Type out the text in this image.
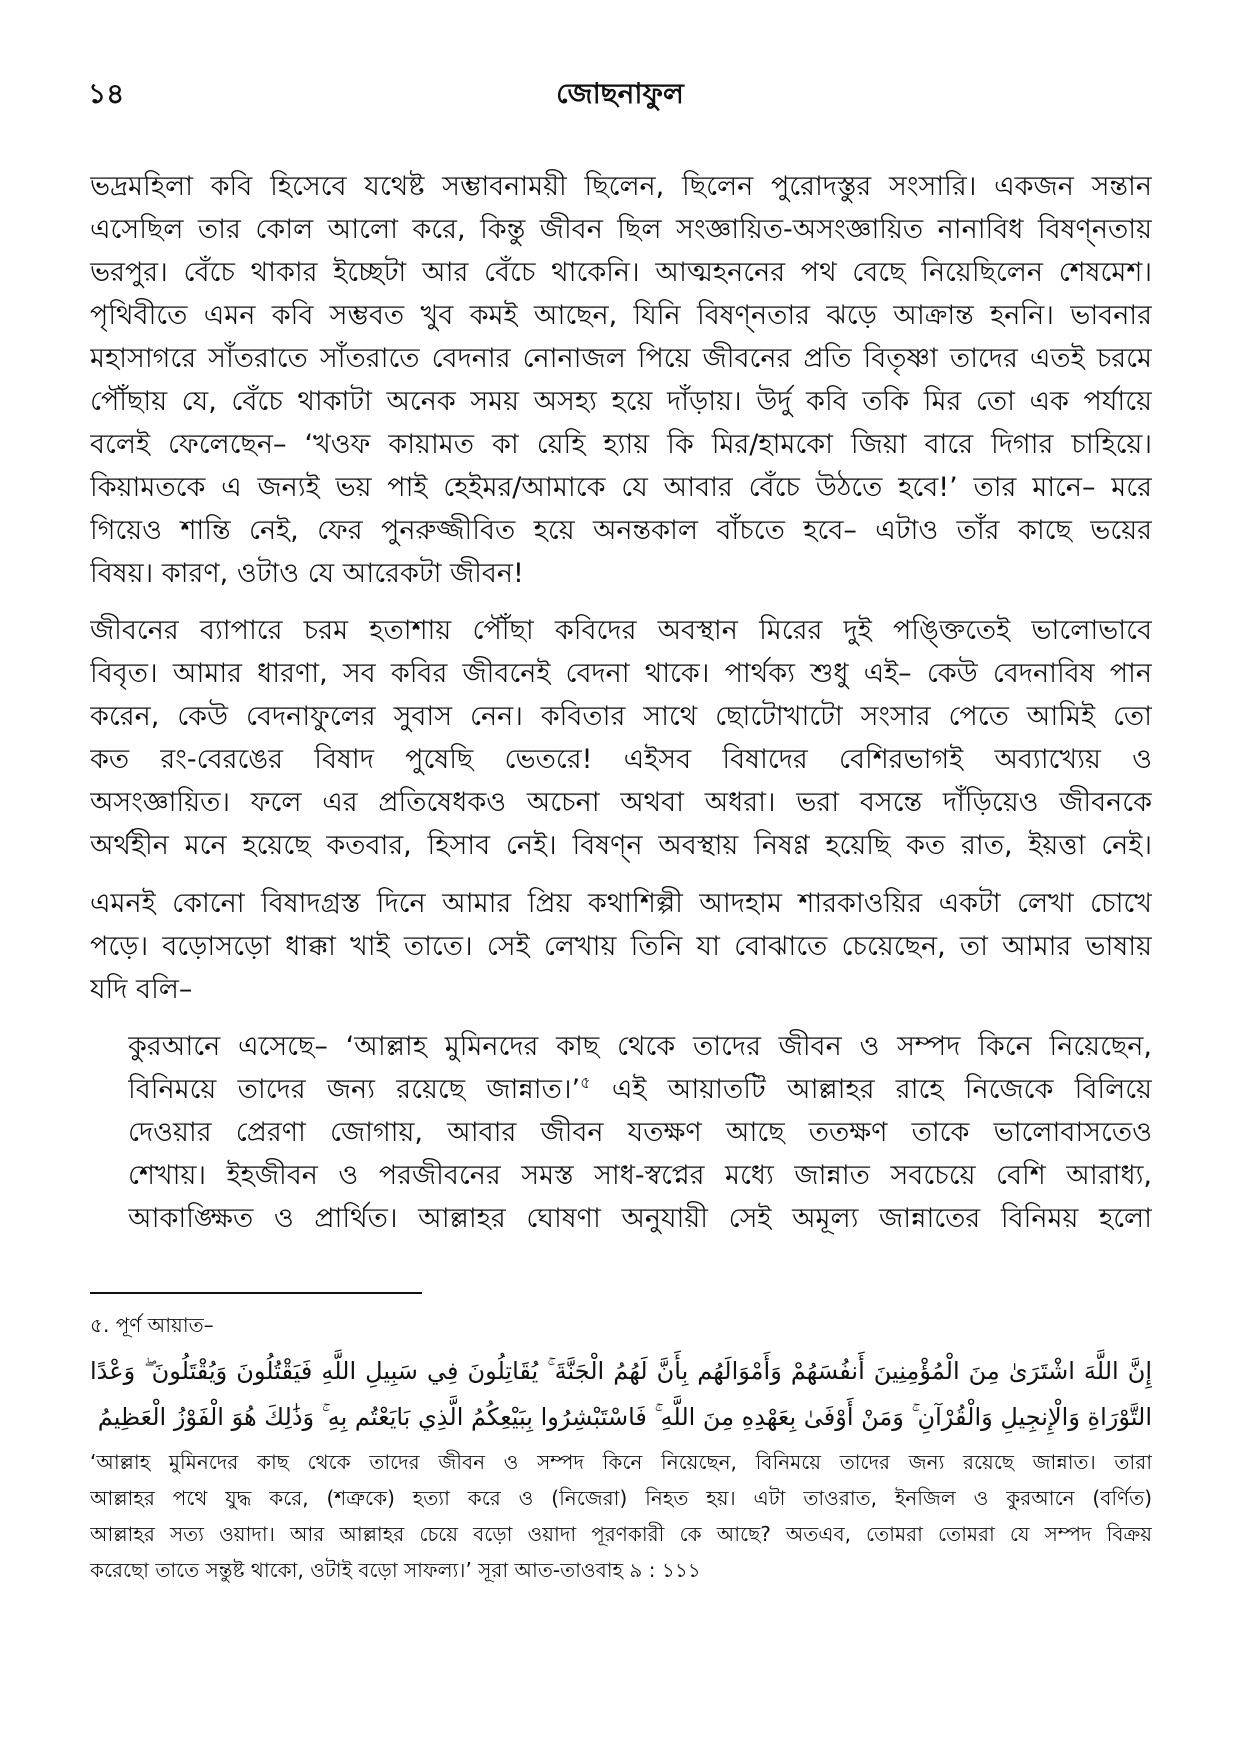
১৪	জোছনাফুল
ভদ্রমহিলা কবি হিসেবে যথেষ্ট সম্ভাবনাময়ী ছিলেন, ছিলেন পুরোদস্তুর সংসারি। একজন সন্তান
এসেছিল তার কোল আলো করে, কিন্তু জীবন ছিল সংজ্ঞায়িত-অসংজ্ঞায়িত নানাবিধ বিষণ্নতায়
ভরপুর। বেঁচে থাকার ইচ্ছেটা আর বেঁচে থাকেনি। আত্মহননের পথ বেছে নিয়েছিলেন শেষমেশ।
পৃথিবীতে এমন কবি সম্ভবত খুব কমই আছেন, যিনি বিষণ্নতার ঝড়ে আক্রান্ত হননি। ভাবনার
মহাসাগরে সাঁতরাতে সাঁতরাতে বেদনার নোনাজল পিয়ে জীবনের প্রতি বিতৃষ্ণা তাদের এতই চরমে
পৌঁছায় যে, বেঁচে থাকাটা অনেক সময় অসহ্য হয়ে দাঁড়ায়। উর্দু কবি তকি মির তো এক পর্যায়ে
বলেই ফেলেছেন– ‘খওফ কায়ামত কা য়েহি হ্যায় কি মির/হামকো জিয়া বারে দিগার চাহিয়ে।
কিয়ামতকে এ জন্যই ভয় পাই হেইমর/আমাকে যে আবার বেঁচে উঠতে হবে!’ তার মানে– মরে
গিয়েও শান্তি নেই, ফের পুনরুজ্জীবিত হয়ে অনন্তকাল বাঁচতে হবে– এটাও তাঁর কাছে ভয়ের
বিষয়। কারণ, ওটাও যে আরেকটা জীবন!
জীবনের ব্যাপারে চরম হতাশায় পৌঁছা কবিদের অবস্থান মিরের দুই পঙ্ক্তিতেই ভালোভাবে
বিবৃত। আমার ধারণা, সব কবির জীবনেই বেদনা থাকে। পার্থক্য শুধু এই– কেউ বেদনাবিষ পান
করেন, কেউ বেদনাফুলের সুবাস নেন। কবিতার সাথে ছোটোখাটো সংসার পেতে আমিই তো
কত রং-বেরঙের বিষাদ পুষেছি ভেতরে! এইসব বিষাদের বেশিরভাগই অব্যাখ্যেয় ও
অসংজ্ঞায়িত। ফলে এর প্রতিষেধকও অচেনা অথবা অধরা। ভরা বসন্তে দাঁড়িয়েও জীবনকে
অর্থহীন মনে হয়েছে কতবার, হিসাব নেই। বিষণ্ন অবস্থায় নিষণ্ণ হয়েছি কত রাত, ইয়ত্তা নেই।
এমনই কোনো বিষাদগ্রস্ত দিনে আমার প্রিয় কথাশিল্পী আদহাম শারকাওয়ির একটা লেখা চোখে
পড়ে। বড়োসড়ো ধাক্কা খাই তাতে। সেই লেখায় তিনি যা বোঝাতে চেয়েছেন, তা আমার ভাষায়
যদি বলি–
কুরআনে এসেছে– ‘আল্লাহ মুমিনদের কাছ থেকে তাদের জীবন ও সম্পদ কিনে নিয়েছেন,
বিনিময়ে তাদের জন্য রয়েছে জান্নাত।’$^৫$ এই আয়াতটি আল্লাহর রাহে নিজেকে বিলিয়ে
দেওয়ার প্রেরণা জোগায়, আবার জীবন যতক্ষণ আছে ততক্ষণ তাকে ভালোবাসতেও
শেখায়। ইহজীবন ও পরজীবনের সমস্ত সাধ-স্বপ্নের মধ্যে জান্নাত সবচেয়ে বেশি আরাধ্য,
আকাঙ্ক্ষিত ও প্রার্থিত। আল্লাহর ঘোষণা অনুযায়ী সেই অমূল্য জান্নাতের বিনিময় হলো
৫. পূর্ণ আয়াত–
إِنَّ اللَّهَ اشْتَرَىٰ مِنَ الْمُؤْمِنِينَ أَنفُسَهُمْ وَأَمْوَالَهُم بِأَنَّ لَهُمُ الْجَنَّةَ ۚ يُقَاتِلُونَ فِي سَبِيلِ اللَّهِ فَيَقْتُلُونَ وَيُقْتَلُونَ ۖ وَعْدًا
التَّوْرَاةِ وَالْإِنجِيلِ وَالْقُرْآنِ ۚ وَمَنْ أَوْفَىٰ بِعَهْدِهِ مِنَ اللَّهِ ۚ فَاسْتَبْشِرُوا بِبَيْعِكُمُ الَّذِي بَايَعْتُم بِهِ ۚ وَذَٰلِكَ هُوَ الْفَوْزُ الْعَظِيمُ
‘আল্লাহ মুমিনদের কাছ থেকে তাদের জীবন ও সম্পদ কিনে নিয়েছেন, বিনিময়ে তাদের জন্য রয়েছে জান্নাত। তারা
আল্লাহর পথে যুদ্ধ করে, (শত্রুকে) হত্যা করে ও (নিজেরা) নিহত হয়। এটা তাওরাত, ইনজিল ও কুরআনে (বর্ণিত)
আল্লাহর সত্য ওয়াদা। আর আল্লাহর চেয়ে বড়ো ওয়াদা পূরণকারী কে আছে? অতএব, তোমরা তোমরা যে সম্পদ বিক্রয়
করেছো তাতে সন্তুষ্ট থাকো, ওটাই বড়ো সাফল্য।’ সূরা আত-তাওবাহ ৯ : ১১১
